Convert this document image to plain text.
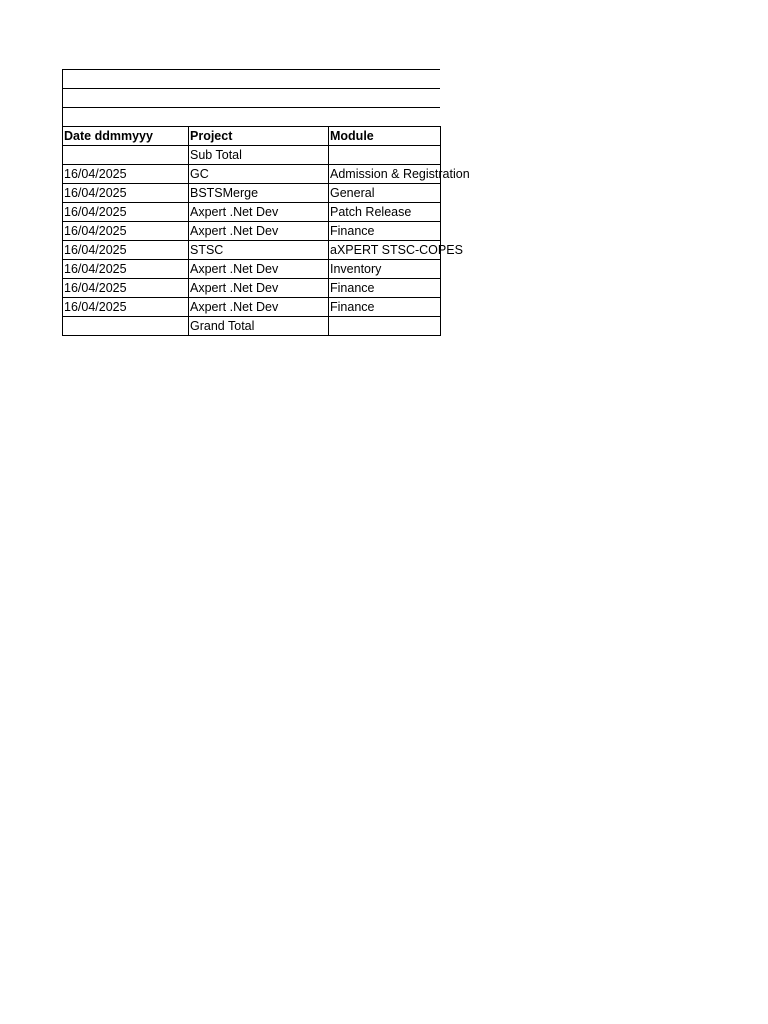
Date ddmmyyy	Project	Module
	Sub Total	
16/04/2025	GC	Admission & Registration
16/04/2025	BSTSMerge	General
16/04/2025	Axpert .Net Dev	Patch Release
16/04/2025	Axpert .Net Dev	Finance
16/04/2025	STSC	aXPERT STSC-COPES
16/04/2025	Axpert .Net Dev	Inventory
16/04/2025	Axpert .Net Dev	Finance
16/04/2025	Axpert .Net Dev	Finance
	Grand Total	
